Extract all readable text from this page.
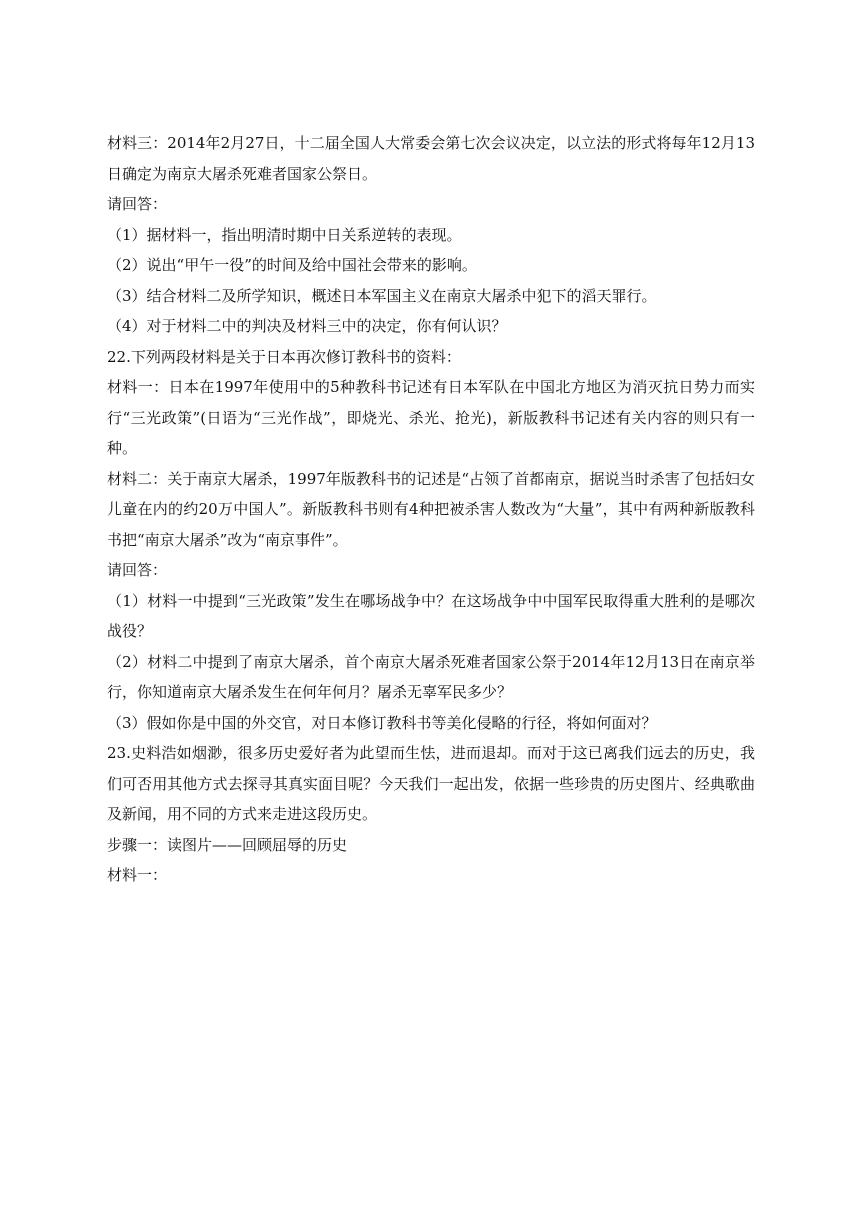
材料三：2014年2月27日，十二届全国人大常委会第七次会议决定，以立法的形式将每年12月13日确定为南京大屠杀死难者国家公祭日。

请回答：

（1）据材料一，指出明清时期中日关系逆转的表现。

（2）说出“甲午一役”的时间及给中国社会带来的影响。

（3）结合材料二及所学知识，概述日本军国主义在南京大屠杀中犯下的滔天罪行。

（4）对于材料二中的判决及材料三中的决定，你有何认识？

22.下列两段材料是关于日本再次修订教科书的资料：

材料一：日本在1997年使用中的5种教科书记述有日本军队在中国北方地区为消灭抗日势力而实行“三光政策”(日语为“三光作战”，即烧光、杀光、抢光)，新版教科书记述有关内容的则只有一种。

材料二：关于南京大屠杀，1997年版教科书的记述是“占领了首都南京，据说当时杀害了包括妇女儿童在内的约20万中国人”。新版教科书则有4种把被杀害人数改为“大量”，其中有两种新版教科书把“南京大屠杀”改为“南京事件”。

请回答：

（1）材料一中提到“三光政策”发生在哪场战争中？在这场战争中中国军民取得重大胜利的是哪次战役？

（2）材料二中提到了南京大屠杀，首个南京大屠杀死难者国家公祭于2014年12月13日在南京举行，你知道南京大屠杀发生在何年何月？屠杀无辜军民多少？

（3）假如你是中国的外交官，对日本修订教科书等美化侵略的行径，将如何面对？

23.史料浩如烟渺，很多历史爱好者为此望而生怯，进而退却。而对于这已离我们远去的历史，我们可否用其他方式去探寻其真实面目呢？今天我们一起出发，依据一些珍贵的历史图片、经典歌曲及新闻，用不同的方式来走进这段历史。

步骤一：读图片——回顾屈辱的历史

材料一：
